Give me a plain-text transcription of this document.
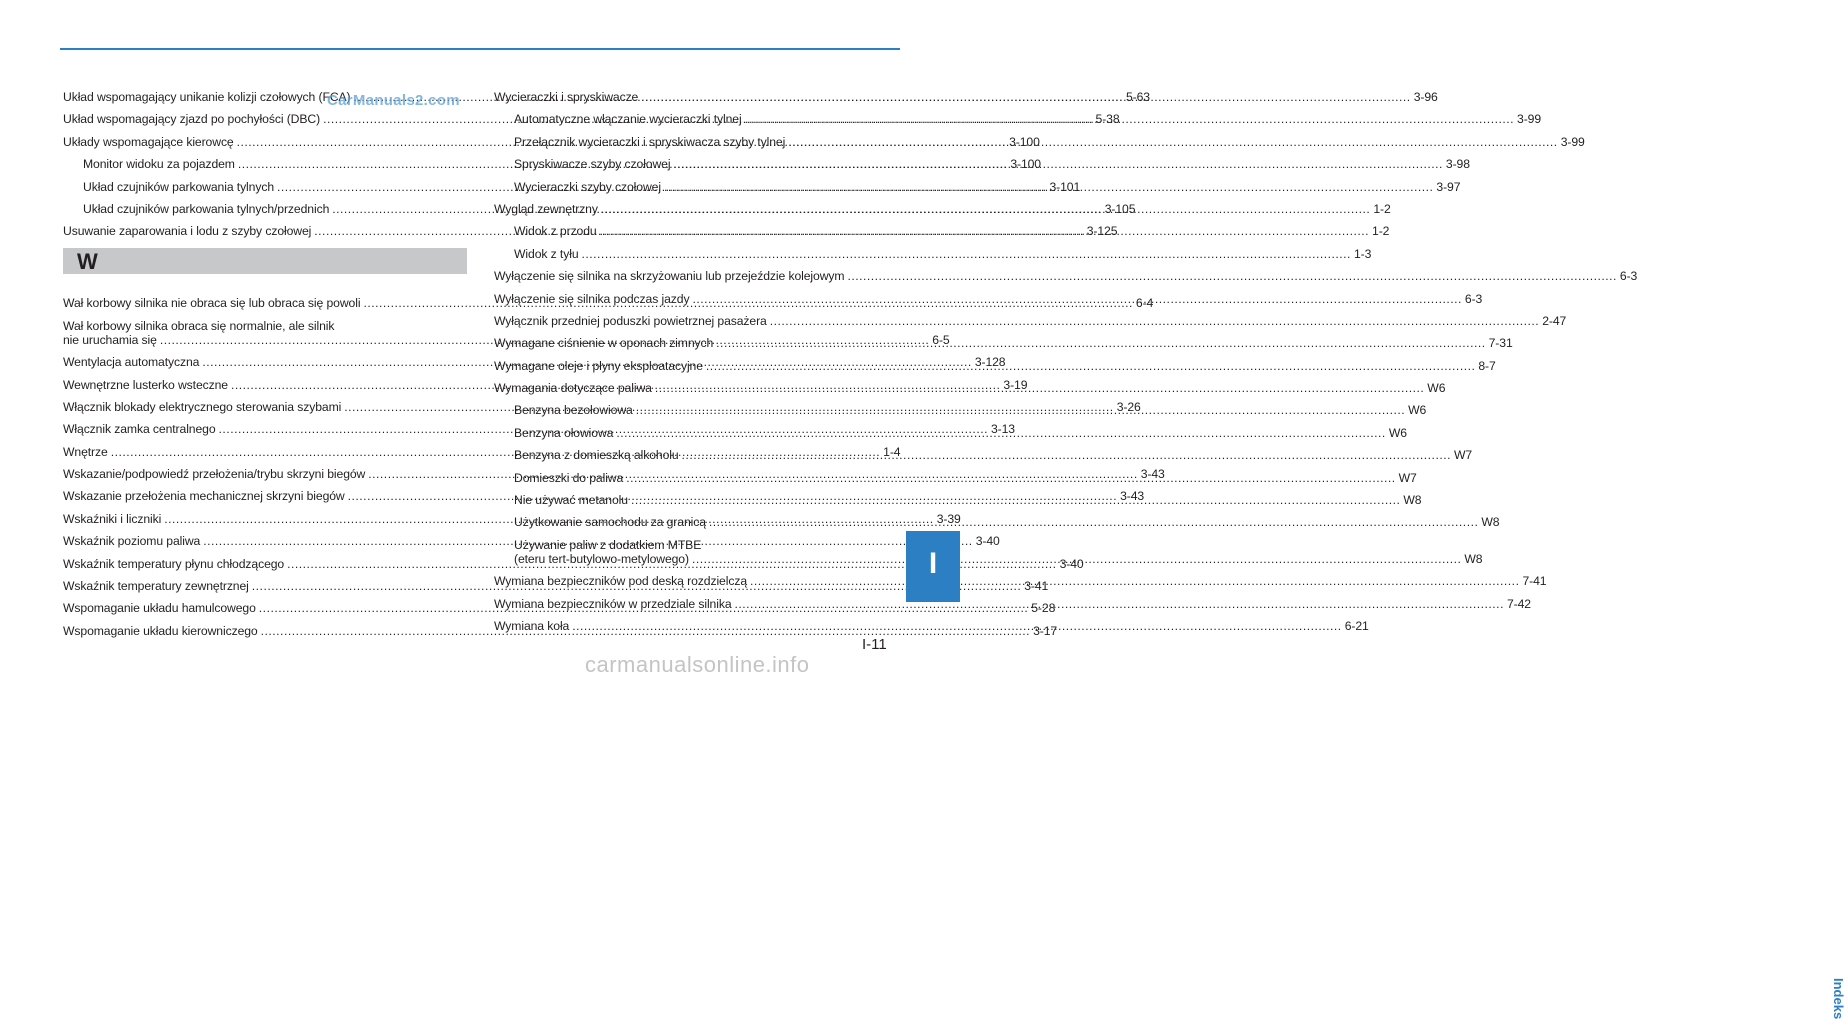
Układ wspomagający unikanie kolizji czołowych (FCA) .....	5-63
Układ wspomagający zjazd po pochyłości (DBC) .....	5-38
Układy wspomagające kierowcę .....	3-100
Monitor widoku za pojazdem .....	3-100
Układ czujników parkowania tylnych .....	3-101
Układ czujników parkowania tylnych/przednich .....	3-105
Usuwanie zaparowania i lodu z szyby czołowej .....	3-125
W
Wał korbowy silnika nie obraca się lub obraca się powoli .....	6-4
Wał korbowy silnika obraca się normalnie, ale silnik
nie uruchamia się .....	6-5
Wentylacja automatyczna .....	3-128
Wewnętrzne lusterko wsteczne .....	3-19
Włącznik blokady elektrycznego sterowania szybami .....	3-26
Włącznik zamka centralnego .....	3-13
Wnętrze .....	1-4
Wskazanie/podpowiedź przełożenia/trybu skrzyni biegów .....	3-43
Wskazanie przełożenia mechanicznej skrzyni biegów .....	3-43
Wskaźniki i liczniki .....	3-39
Wskaźnik poziomu paliwa .....	3-40
Wskaźnik temperatury płynu chłodzącego .....	3-40
Wskaźnik temperatury zewnętrznej .....	3-41
Wspomaganie układu hamulcowego .....	5-28
Wspomaganie układu kierowniczego .....	3-17
Wycieraczki i spryskiwacze .....	3-96
Automatyczne włączanie wycieraczki tylnej .....	3-99
Przełącznik wycieraczki i spryskiwacza szyby tylnej .....	3-99
Spryskiwacze szyby czołowej .....	3-98
Wycieraczki szyby czołowej .....	3-97
Wygląd zewnętrzny .....	1-2
Widok z przodu .....	1-2
Widok z tyłu .....	1-3
Wyłączenie się silnika na skrzyżowaniu lub przejeździe kolejowym .....	6-3
Wyłączenie się silnika podczas jazdy .....	6-3
Wyłącznik przedniej poduszki powietrznej pasażera .....	2-47
Wymagane ciśnienie w oponach zimnych .....	7-31
Wymagane oleje i płyny eksploatacyjne .....	8-7
Wymagania dotyczące paliwa .....	W6
Benzyna bezołowiowa .....	W6
Benzyna ołowiowa .....	W6
Benzyna z domieszką alkoholu .....	W7
Domieszki do paliwa .....	W7
Nie używać metanolu .....	W8
Użytkowanie samochodu za granicą .....	W8
Używanie paliw z dodatkiem MTBE
(eteru tert-butylowo-metylowego) .....	W8
Wymiana bezpieczników pod deską rozdzielczą .....	7-41
Wymiana bezpieczników w przedziale silnika .....	7-42
Wymiana koła .....	6-21
Indeks
I
I-11
CarManuals2.com
carmanualsonline.info
